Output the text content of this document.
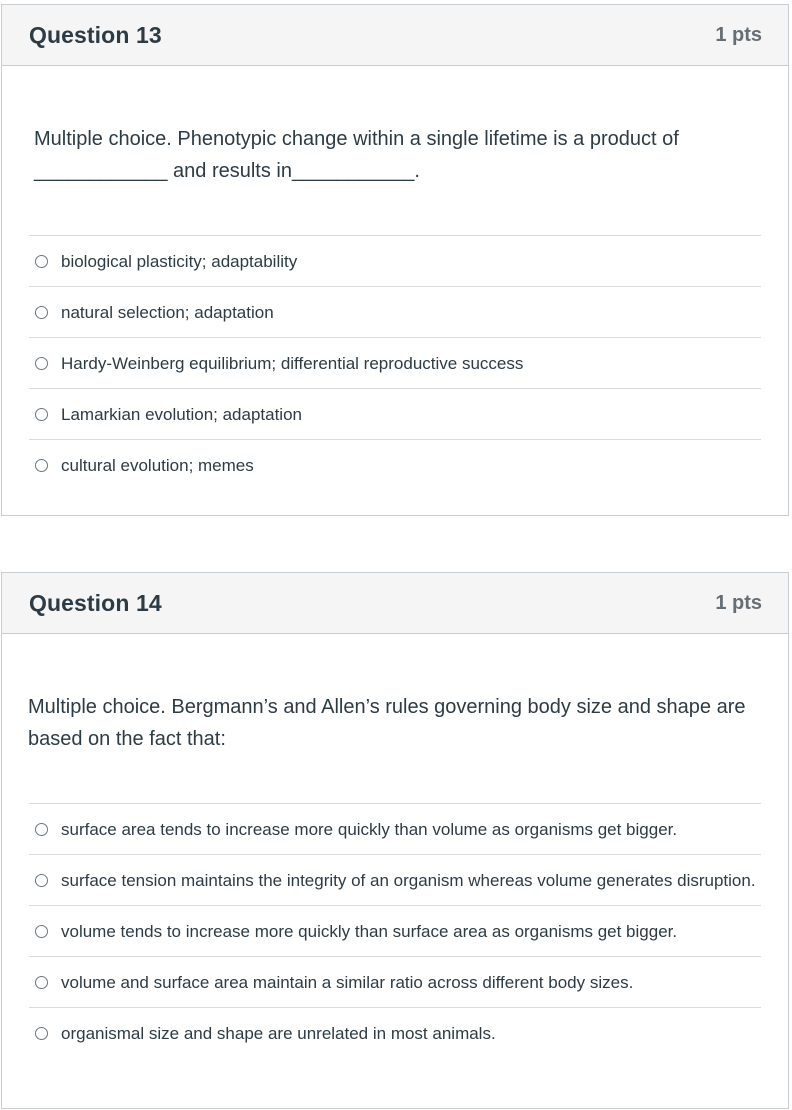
Question 13	1 pts
Multiple choice. Phenotypic change within a single lifetime is a product of ____________ and results in___________.
biological plasticity; adaptability
natural selection; adaptation
Hardy-Weinberg equilibrium; differential reproductive success
Lamarkian evolution; adaptation
cultural evolution; memes
Question 14	1 pts
Multiple choice. Bergmann’s and Allen’s rules governing body size and shape are based on the fact that:
surface area tends to increase more quickly than volume as organisms get bigger.
surface tension maintains the integrity of an organism whereas volume generates disruption.
volume tends to increase more quickly than surface area as organisms get bigger.
volume and surface area maintain a similar ratio across different body sizes.
organismal size and shape are unrelated in most animals.
